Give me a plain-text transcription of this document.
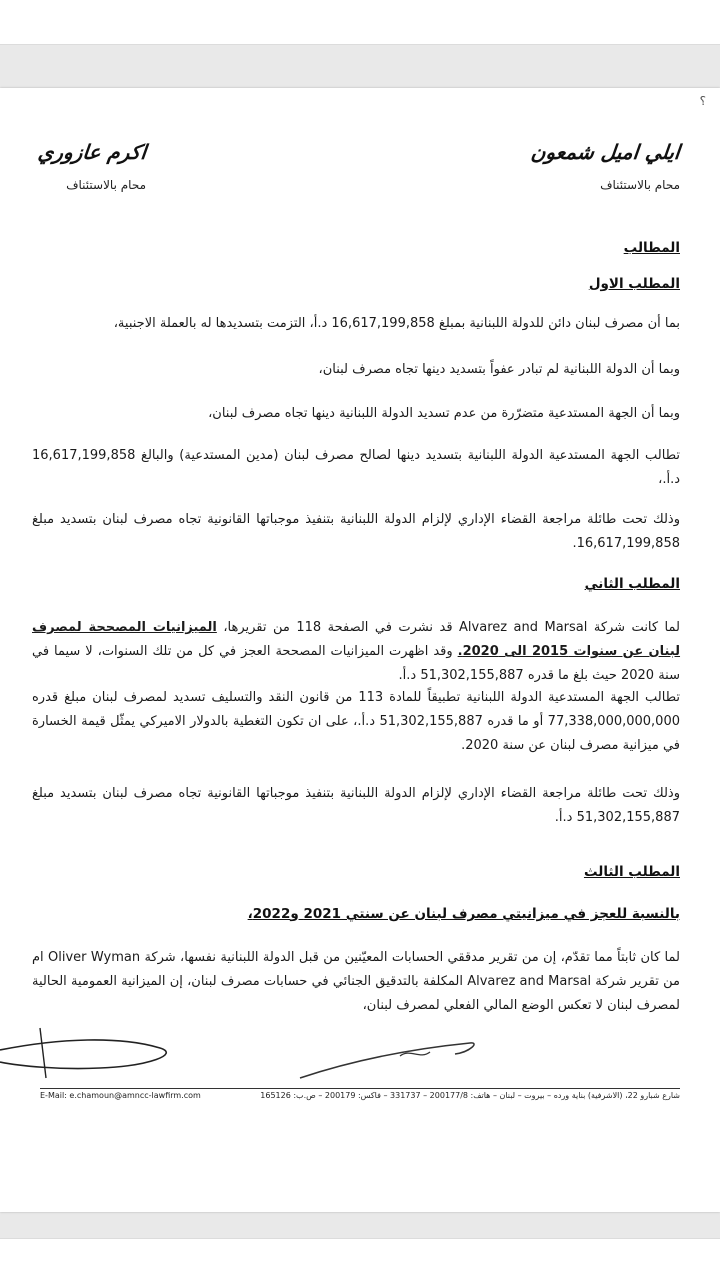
؟
ايلي اميل شمعون
محام بالاستئناف
اكرم عازوري
محام بالاستئناف
المطالب
المطلب الاول
بما أن مصرف لبنان دائن للدولة اللبنانية بمبلغ 16,617,199,858 د.أ، التزمت بتسديدها له بالعملة الاجنبية،
وبما أن الدولة اللبنانية لم تبادر عفواً بتسديد دينها تجاه مصرف لبنان،
وبما أن الجهة المستدعية متضرّرة من عدم تسديد الدولة اللبنانية دينها تجاه مصرف لبنان،
تطالب الجهة المستدعية الدولة اللبنانية بتسديد دينها لصالح مصرف لبنان (مدين المستدعية) والبالغ 16,617,199,858 د.أ.،
وذلك تحت طائلة مراجعة القضاء الإداري لإلزام الدولة اللبنانية بتنفيذ موجباتها القانونية تجاه مصرف لبنان بتسديد مبلغ 16,617,199,858.
المطلب الثاني
لما كانت شركة Alvarez and Marsal قد نشرت في الصفحة 118 من تقريرها، الميزانيات المصححة لمصرف لبنان عن سنوات 2015 الى 2020. وقد اظهرت الميزانيات المصححة العجز في كل من تلك السنوات، لا سيما في سنة 2020 حيث بلغ ما قدره 51,302,155,887 د.أ.
تطالب الجهة المستدعية الدولة اللبنانية تطبيقاً للمادة 113 من قانون النقد والتسليف تسديد لمصرف لبنان مبلغ قدره 77,338,000,000,000 أو ما قدره 51,302,155,887 د.أ.، على ان تكون التغطية بالدولار الاميركي يمثّل قيمة الخسارة في ميزانية مصرف لبنان عن سنة 2020.
وذلك تحت طائلة مراجعة القضاء الإداري لإلزام الدولة اللبنانية بتنفيذ موجباتها القانونية تجاه مصرف لبنان بتسديد مبلغ 51,302,155,887 د.أ.
المطلب الثالث
بالنسبة للعجز في ميزانيتي مصرف لبنان عن سنتي 2021 و2022،
لما كان ثابتاً مما تقدّم، إن من تقرير مدققي الحسابات المعيّنين من قبل الدولة اللبنانية نفسها، شركة Oliver Wyman ام من تقرير شركة Alvarez and Marsal المكلفة بالتدقيق الجنائي في حسابات مصرف لبنان، إن الميزانية العمومية الحالية لمصرف لبنان لا تعكس الوضع المالي الفعلي لمصرف لبنان،
شارع شبارو 22، (الاشرفية) بناية ورده – بيروت – لبنان – هاتف: 200177/8 – 331737 – فاكس: 200179 – ص.ب: 165126
E-Mail: e.chamoun@amncc-lawfirm.com
